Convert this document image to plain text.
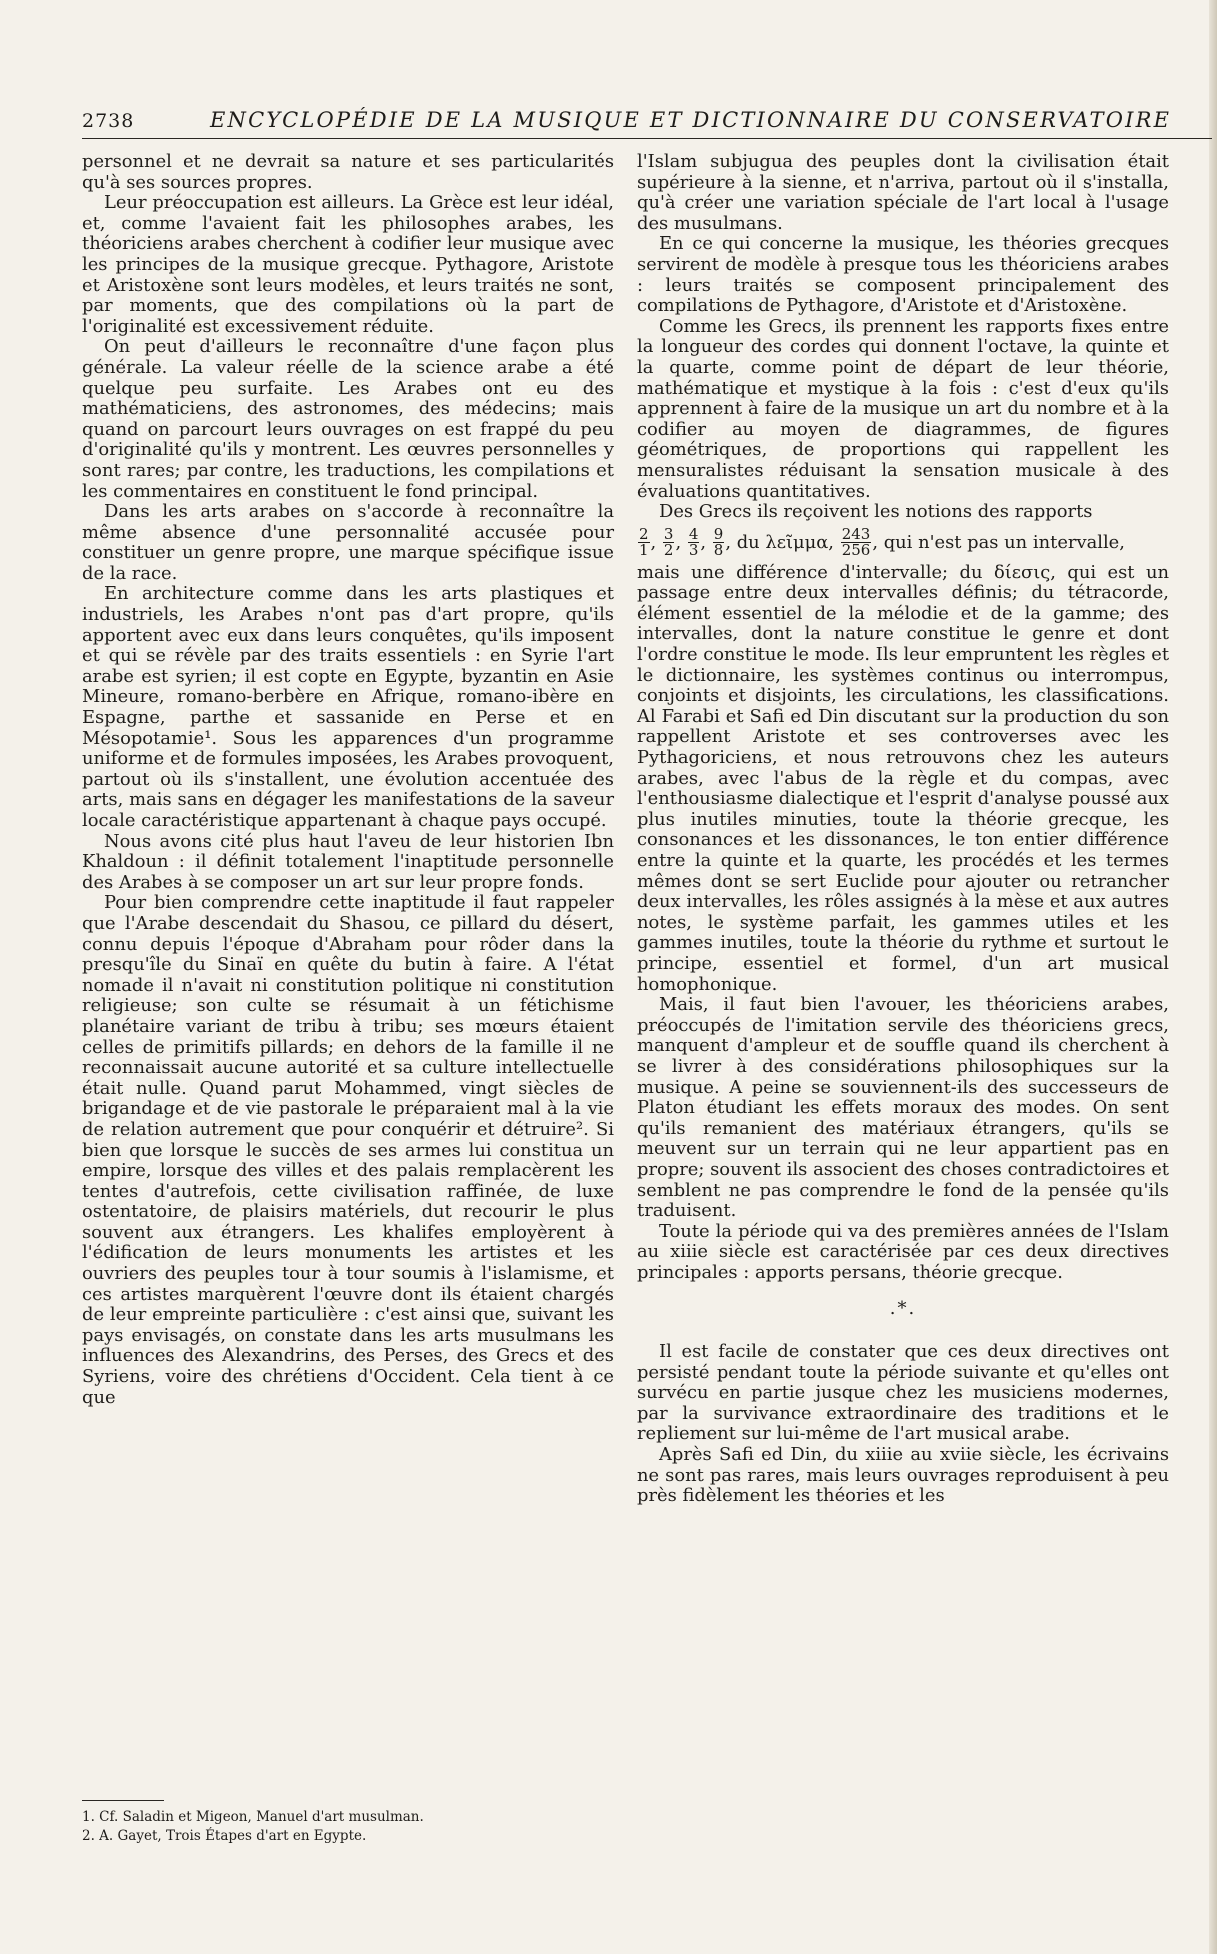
2738	ENCYCLOPÉDIE DE LA MUSIQUE ET DICTIONNAIRE DU CONSERVATOIRE

personnel et ne devrait sa nature et ses particularités qu'à ses sources propres.

Leur préoccupation est ailleurs. La Grèce est leur idéal, et, comme l'avaient fait les philosophes arabes, les théoriciens arabes cherchent à codifier leur musique avec les principes de la musique grecque. Pythagore, Aristote et Aristoxène sont leurs modèles, et leurs traités ne sont, par moments, que des compilations où la part de l'originalité est excessivement réduite.

On peut d'ailleurs le reconnaître d'une façon plus générale. La valeur réelle de la science arabe a été quelque peu surfaite. Les Arabes ont eu des mathématiciens, des astronomes, des médecins; mais quand on parcourt leurs ouvrages on est frappé du peu d'originalité qu'ils y montrent. Les œuvres personnelles y sont rares; par contre, les traductions, les compilations et les commentaires en constituent le fond principal.

Dans les arts arabes on s'accorde à reconnaître la même absence d'une personnalité accusée pour constituer un genre propre, une marque spécifique issue de la race.

En architecture comme dans les arts plastiques et industriels, les Arabes n'ont pas d'art propre, qu'ils apportent avec eux dans leurs conquêtes, qu'ils imposent et qui se révèle par des traits essentiels : en Syrie l'art arabe est syrien; il est copte en Egypte, byzantin en Asie Mineure, romano-berbère en Afrique, romano-ibère en Espagne, parthe et sassanide en Perse et en Mésopotamie¹. Sous les apparences d'un programme uniforme et de formules imposées, les Arabes provoquent, partout où ils s'installent, une évolution accentuée des arts, mais sans en dégager les manifestations de la saveur locale caractéristique appartenant à chaque pays occupé.

Nous avons cité plus haut l'aveu de leur historien Ibn Khaldoun : il définit totalement l'inaptitude personnelle des Arabes à se composer un art sur leur propre fonds.

Pour bien comprendre cette inaptitude il faut rappeler que l'Arabe descendait du Shasou, ce pillard du désert, connu depuis l'époque d'Abraham pour rôder dans la presqu'île du Sinaï en quête du butin à faire. A l'état nomade il n'avait ni constitution politique ni constitution religieuse; son culte se résumait à un fétichisme planétaire variant de tribu à tribu; ses mœurs étaient celles de primitifs pillards; en dehors de la famille il ne reconnaissait aucune autorité et sa culture intellectuelle était nulle. Quand parut Mohammed, vingt siècles de brigandage et de vie pastorale le préparaient mal à la vie de relation autrement que pour conquérir et détruire². Si bien que lorsque le succès de ses armes lui constitua un empire, lorsque des villes et des palais remplacèrent les tentes d'autrefois, cette civilisation raffinée, de luxe ostentatoire, de plaisirs matériels, dut recourir le plus souvent aux étrangers. Les khalifes employèrent à l'édification de leurs monuments les artistes et les ouvriers des peuples tour à tour soumis à l'islamisme, et ces artistes marquèrent l'œuvre dont ils étaient chargés de leur empreinte particulière : c'est ainsi que, suivant les pays envisagés, on constate dans les arts musulmans les influences des Alexandrins, des Perses, des Grecs et des Syriens, voire des chrétiens d'Occident. Cela tient à ce que

1. Cf. Saladin et Migeon, Manuel d'art musulman.
2. A. Gayet, Trois Étapes d'art en Egypte.

l'Islam subjugua des peuples dont la civilisation était supérieure à la sienne, et n'arriva, partout où il s'installa, qu'à créer une variation spéciale de l'art local à l'usage des musulmans.

En ce qui concerne la musique, les théories grecques servirent de modèle à presque tous les théoriciens arabes : leurs traités se composent principalement des compilations de Pythagore, d'Aristote et d'Aristoxène.

Comme les Grecs, ils prennent les rapports fixes entre la longueur des cordes qui donnent l'octave, la quinte et la quarte, comme point de départ de leur théorie, mathématique et mystique à la fois : c'est d'eux qu'ils apprennent à faire de la musique un art du nombre et à la codifier au moyen de diagrammes, de figures géométriques, de proportions qui rappellent les mensuralistes réduisant la sensation musicale à des évaluations quantitatives.

Des Grecs ils reçoivent les notions des rapports

$\frac{2}{1}$ , $\frac{3}{2}$ , $\frac{4}{3}$ , $\frac{9}{8}$ , du λεῖμμα, $\frac{243}{256}$ , qui n'est pas un intervalle,

mais une différence d'intervalle; du δίεσις, qui est un passage entre deux intervalles définis; du tétracorde, élément essentiel de la mélodie et de la gamme; des intervalles, dont la nature constitue le genre et dont l'ordre constitue le mode. Ils leur empruntent les règles et le dictionnaire, les systèmes continus ou interrompus, conjoints et disjoints, les circulations, les classifications. Al Farabi et Safi ed Din discutant sur la production du son rappellent Aristote et ses controverses avec les Pythagoriciens, et nous retrouvons chez les auteurs arabes, avec l'abus de la règle et du compas, avec l'enthousiasme dialectique et l'esprit d'analyse poussé aux plus inutiles minuties, toute la théorie grecque, les consonances et les dissonances, le ton entier différence entre la quinte et la quarte, les procédés et les termes mêmes dont se sert Euclide pour ajouter ou retrancher deux intervalles, les rôles assignés à la mèse et aux autres notes, le système parfait, les gammes utiles et les gammes inutiles, toute la théorie du rythme et surtout le principe, essentiel et formel, d'un art musical homophonique.

Mais, il faut bien l'avouer, les théoriciens arabes, préoccupés de l'imitation servile des théoriciens grecs, manquent d'ampleur et de souffle quand ils cherchent à se livrer à des considérations philosophiques sur la musique. A peine se souviennent-ils des successeurs de Platon étudiant les effets moraux des modes. On sent qu'ils remanient des matériaux étrangers, qu'ils se meuvent sur un terrain qui ne leur appartient pas en propre; souvent ils associent des choses contradictoires et semblent ne pas comprendre le fond de la pensée qu'ils traduisent.

Toute la période qui va des premières années de l'Islam au xiiie siècle est caractérisée par ces deux directives principales : apports persans, théorie grecque.

.*.

Il est facile de constater que ces deux directives ont persisté pendant toute la période suivante et qu'elles ont survécu en partie jusque chez les musiciens modernes, par la survivance extraordinaire des traditions et le repliement sur lui-même de l'art musical arabe.

Après Safi ed Din, du xiiie au xviie siècle, les écrivains ne sont pas rares, mais leurs ouvrages reproduisent à peu près fidèlement les théories et les
